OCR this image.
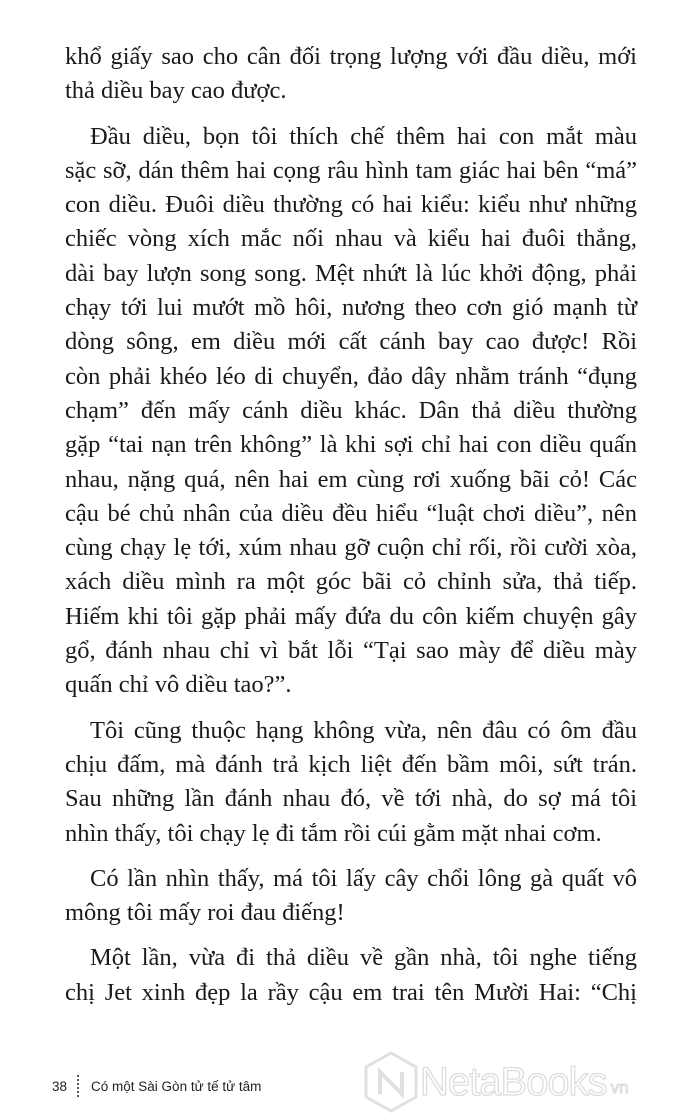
khổ giấy sao cho cân đối trọng lượng với đầu diều, mới
thả diều bay cao được.
Đầu diều, bọn tôi thích chế thêm hai con mắt màu
sặc sỡ, dán thêm hai cọng râu hình tam giác hai bên “má”
con diều. Đuôi diều thường có hai kiểu: kiểu như những
chiếc vòng xích mắc nối nhau và kiểu hai đuôi thẳng,
dài bay lượn song song. Mệt nhứt là lúc khởi động, phải
chạy tới lui mướt mồ hôi, nương theo cơn gió mạnh từ
dòng sông, em diều mới cất cánh bay cao được! Rồi
còn phải khéo léo di chuyển, đảo dây nhằm tránh “đụng
chạm” đến mấy cánh diều khác. Dân thả diều thường
gặp “tai nạn trên không” là khi sợi chỉ hai con diều quấn
nhau, nặng quá, nên hai em cùng rơi xuống bãi cỏ! Các
cậu bé chủ nhân của diều đều hiểu “luật chơi diều”, nên
cùng chạy lẹ tới, xúm nhau gỡ cuộn chỉ rối, rồi cười xòa,
xách diều mình ra một góc bãi cỏ chỉnh sửa, thả tiếp.
Hiếm khi tôi gặp phải mấy đứa du côn kiếm chuyện gây
gổ, đánh nhau chỉ vì bắt lỗi “Tại sao mày để diều mày
quấn chỉ vô diều tao?”.
Tôi cũng thuộc hạng không vừa, nên đâu có ôm đầu
chịu đấm, mà đánh trả kịch liệt đến bầm môi, sứt trán.
Sau những lần đánh nhau đó, về tới nhà, do sợ má tôi
nhìn thấy, tôi chạy lẹ đi tắm rồi cúi gằm mặt nhai cơm.
Có lần nhìn thấy, má tôi lấy cây chổi lông gà quất vô
mông tôi mấy roi đau điếng!
Một lần, vừa đi thả diều về gần nhà, tôi nghe tiếng
chị Jet xinh đẹp la rầy cậu em trai tên Mười Hai: “Chị
38 Có một Sài Gòn tử tế tử tâm	NetaBooks vn
